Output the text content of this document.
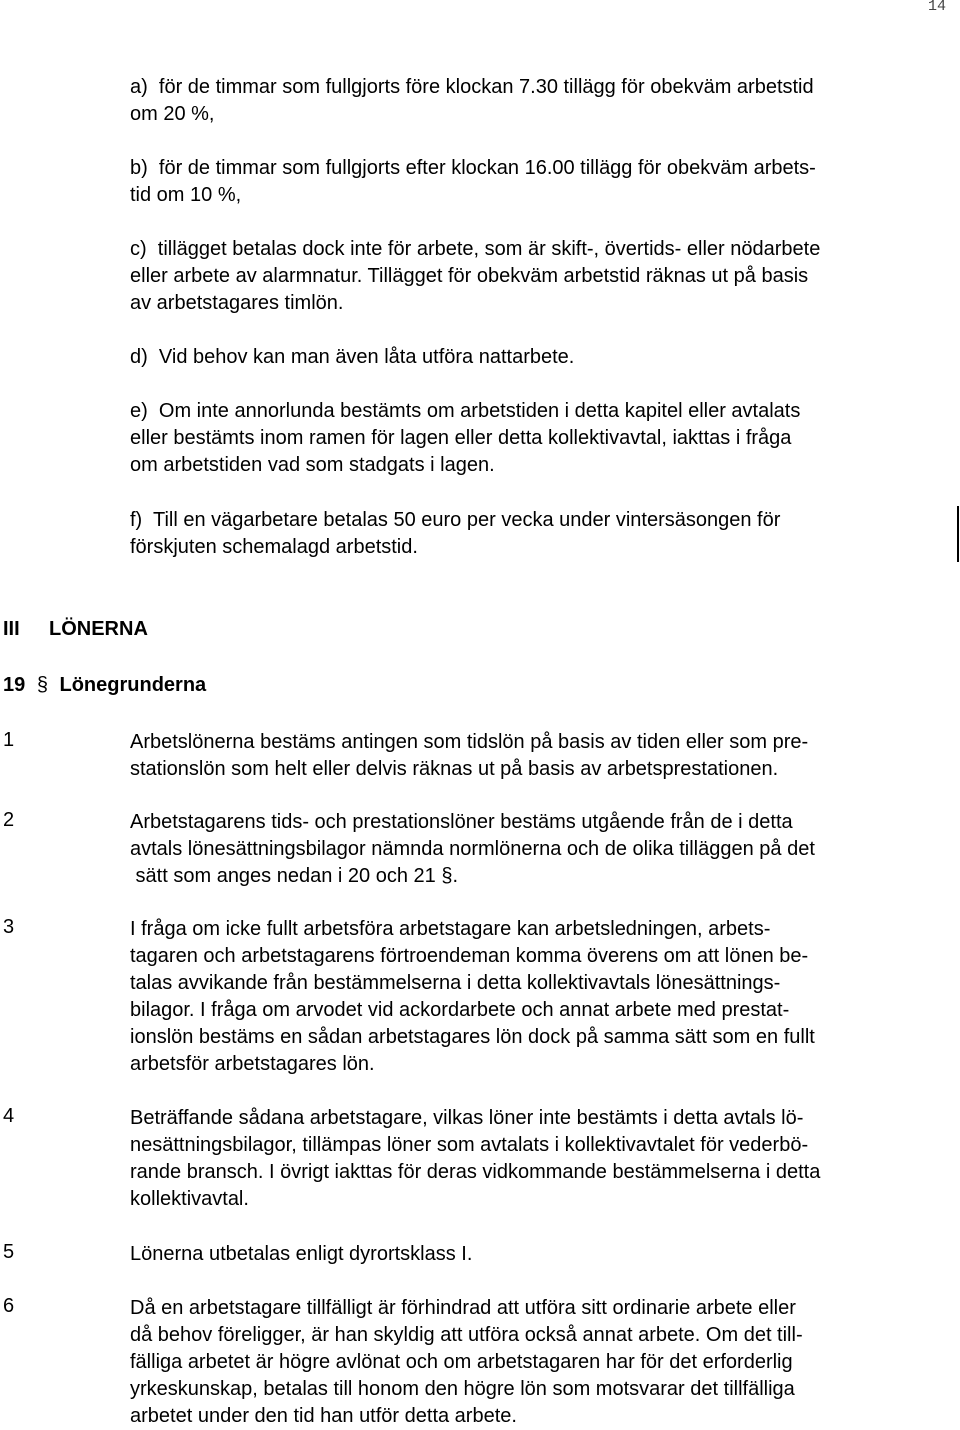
14
a)  för de timmar som fullgjorts före klockan 7.30 tillägg för obekväm arbetstid
om 20 %,
b)  för de timmar som fullgjorts efter klockan 16.00 tillägg för obekväm arbets-
tid om 10 %,
c)  tillägget betalas dock inte för arbete, som är skift-, övertids- eller nödarbete
eller arbete av alarmnatur. Tillägget för obekväm arbetstid räknas ut på basis
av arbetstagares timlön.
d)  Vid behov kan man även låta utföra nattarbete.
e)  Om inte annorlunda bestämts om arbetstiden i detta kapitel eller avtalats
eller bestämts inom ramen för lagen eller detta kollektivavtal, iakttas i fråga
om arbetstiden vad som stadgats i lagen.
f)  Till en vägarbetare betalas 50 euro per vecka under vintersäsongen för
förskjuten schemalagd arbetstid.
III LÖNERNA
19 § Lönegrunderna
1	Arbetslönerna bestäms antingen som tidslön på basis av tiden eller som pre-
stationslön som helt eller delvis räknas ut på basis av arbetsprestationen.
2	Arbetstagarens tids- och prestationslöner bestäms utgående från de i detta
avtals lönesättningsbilagor nämnda normlönerna och de olika tilläggen på det
sätt som anges nedan i 20 och 21 §.
3	I fråga om icke fullt arbetsföra arbetstagare kan arbetsledningen, arbets-
tagaren och arbetstagarens förtroendeman komma överens om att lönen be-
talas avvikande från bestämmelserna i detta kollektivavtals lönesättnings-
bilagor. I fråga om arvodet vid ackordarbete och annat arbete med prestat-
ionslön bestäms en sådan arbetstagares lön dock på samma sätt som en fullt
arbetsför arbetstagares lön.
4	Beträffande sådana arbetstagare, vilkas löner inte bestämts i detta avtals lö-
nesättningsbilagor, tillämpas löner som avtalats i kollektivavtalet för vederbö-
rande bransch. I övrigt iakttas för deras vidkommande bestämmelserna i detta
kollektivavtal.
5	Lönerna utbetalas enligt dyrortsklass I.
6	Då en arbetstagare tillfälligt är förhindrad att utföra sitt ordinarie arbete eller
då behov föreligger, är han skyldig att utföra också annat arbete. Om det till-
fälliga arbetet är högre avlönat och om arbetstagaren har för det erforderlig
yrkeskunskap, betalas till honom den högre lön som motsvarar det tillfälliga
arbetet under den tid han utför detta arbete.
